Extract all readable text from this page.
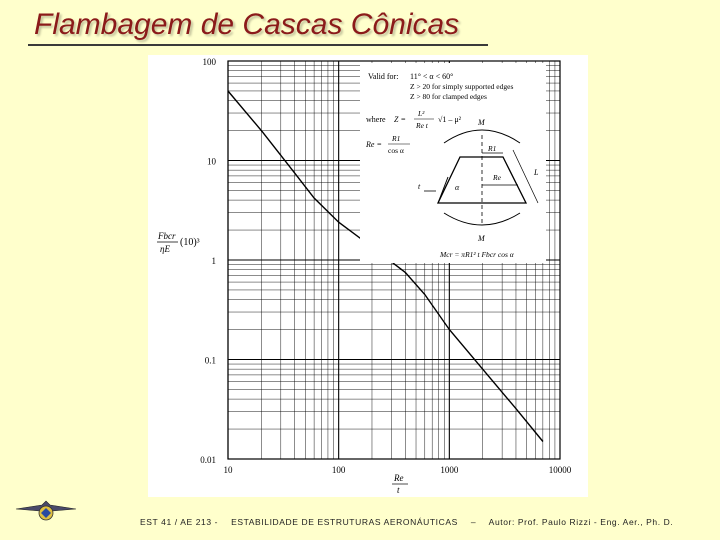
Flambagem de Cascas Cônicas
100
10
1
0.1
0.01
10	100	1000	10000
Fbcr
ηE
(10)³
Re
t
Valid for: 11° < α < 60°
Z > 20 for simply supported edges
Z > 80 for clamped edges
where Z =
L²
Re t
√1 – μ²
Re =
R1
cos α
M
M
R1
Re
L
α
t
Mcr = πR1² t Fbcr cos α
EST 41 / AE 213 - ESTABILIDADE DE ESTRUTURAS AERONÁUTICAS – Autor: Prof. Paulo Rizzi - Eng. Aer., Ph. D.
